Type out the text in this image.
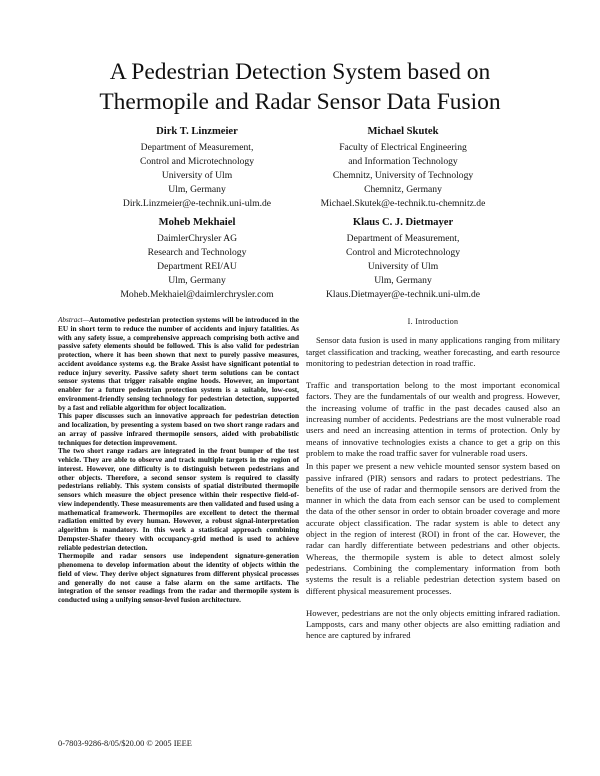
A Pedestrian Detection System based on
Thermopile and Radar Sensor Data Fusion
Dirk T. Linzmeier
Department of Measurement,
Control and Microtechnology
University of Ulm
Ulm, Germany
Dirk.Linzmeier@e-technik.uni-ulm.de
Michael Skutek
Faculty of Electrical Engineering
and Information Technology
Chemnitz, University of Technology
Chemnitz, Germany
Michael.Skutek@e-technik.tu-chemnitz.de
Moheb Mekhaiel
DaimlerChrysler AG
Research and Technology
Department REI/AU
Ulm, Germany
Moheb.Mekhaiel@daimlerchrysler.com
Klaus C. J. Dietmayer
Department of Measurement,
Control and Microtechnology
University of Ulm
Ulm, Germany
Klaus.Dietmayer@e-technik.uni-ulm.de

Abstract—Automotive pedestrian protection systems will be introduced in the EU in short term to reduce the number of accidents and injury fatalities. As with any safety issue, a comprehensive approach comprising both active and passive safety elements should be followed. This is also valid for pedestrian protection, where it has been shown that next to purely passive measures, accident avoidance systems e.g. the Brake Assist have significant potential to reduce injury severity. Passive safety short term solutions can be contact sensor systems that trigger raisable engine hoods. However, an important enabler for a future pedestrian protection system is a suitable, low-cost, environment-friendly sensing technology for pedestrian detection, supported by a fast and reliable algorithm for object localization.

This paper discusses such an innovative approach for pedestrian detection and localization, by presenting a system based on two short range radars and an array of passive infrared thermopile sensors, aided with probabilistic techniques for detection improvement.

The two short range radars are integrated in the front bumper of the test vehicle. They are able to observe and track multiple targets in the region of interest. However, one difficulty is to distinguish between pedestrians and other objects. Therefore, a second sensor system is required to classify pedestrians reliably. This system consists of spatial distributed thermopile sensors which measure the object presence within their respective field-of-view independently. These measurements are then validated and fused using a mathematical framework. Thermopiles are excellent to detect the thermal radiation emitted by every human. However, a robust signal-interpretation algorithm is mandatory. In this work a statistical approach combining Dempster-Shafer theory with occupancy-grid method is used to achieve reliable pedestrian detection.

Thermopile and radar sensors use independent signature-generation phenomena to develop information about the identity of objects within the field of view. They derive object signatures from different physical processes and generally do not cause a false alarm on the same artifacts. The integration of the sensor readings from the radar and thermopile system is conducted using a unifying sensor-level fusion architecture.

I. Introduction

Sensor data fusion is used in many applications ranging from military target classification and tracking, weather forecasting, and earth resource monitoring to pedestrian detection in road traffic.

Traffic and transportation belong to the most important economical factors. They are the fundamentals of our wealth and progress. However, the increasing volume of traffic in the past decades caused also an increasing number of accidents. Pedestrians are the most vulnerable road users and need an increasing attention in terms of protection. Only by means of innovative technologies exists a chance to get a grip on this problem to make the road traffic saver for vulnerable road users.

In this paper we present a new vehicle mounted sensor system based on passive infrared (PIR) sensors and radars to protect pedestrians. The benefits of the use of radar and thermopile sensors are derived from the manner in which the data from each sensor can be used to complement the data of the other sensor in order to obtain broader coverage and more accurate object classification. The radar system is able to detect any object in the region of interest (ROI) in front of the car. However, the radar can hardly differentiate between pedestrians and other objects. Whereas, the thermopile system is able to detect almost solely pedestrians. Combining the complementary information from both systems the result is a reliable pedestrian detection system based on different physical measurement processes.

However, pedestrians are not the only objects emitting infrared radiation. Lampposts, cars and many other objects are also emitting radiation and hence are captured by infrared

0-7803-9286-8/05/$20.00 © 2005 IEEE
